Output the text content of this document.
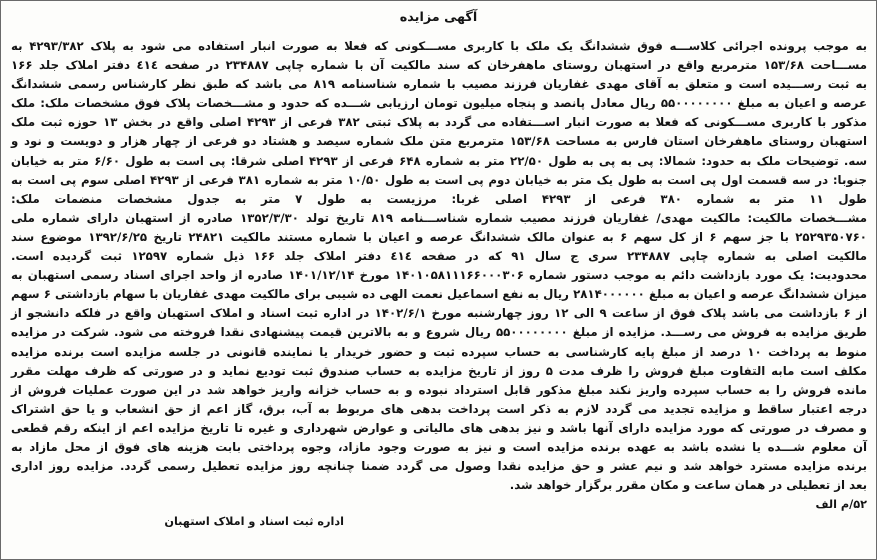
آگهی مزایده
به موجب پرونده اجرائی کلاســـه فوق ششدانگ یک ملک با کاربری مســـکونی که فعلا به صورت انبار استفاده می شود به پلاک ۴۲۹۳/۳۸۲ به
مســـاحت ۱۵۳/۶۸ مترمربع واقع در استهبان روستای ماهفرخان که سند مالکیت آن با شماره چاپی ۲۳۴۸۸۷ در صفحه ٤١٤ دفتر املاک جلد ۱۶۶
به ثبت رســـیده است و متعلق به آقای مهدی غفاریان فرزند مصیب با شماره شناسنامه ۸۱۹ می باشد که طبق نظر کارشناس رسمی ششدانگ
عرصه و اعیان به مبلغ ۵۵۰۰۰۰۰۰۰۰ ریال معادل پانصد و پنجاه میلیون تومان ارزیابی شـــده که حدود و مشـــخصات پلاک فوق مشخصات ملک: ملک
مذکور با کاربری مســـکونی که فعلا به صورت انبار اســـتفاده می گردد به پلاک ثبتی ۳۸۲ فرعی از ۴۲۹۳ اصلی واقع در بخش ۱۳ حوزه ثبت ملک
استهبان روستای ماهفرخان استان فارس به مساحت ۱۵۳/۶۸ مترمربع متن ملک شماره سیصد و هشتاد دو فرعی از چهار هزار و دویست و نود و
سه. توضیحات ملک به حدود: شمالا: پی به پی به طول ۲۲/۵۰ متر به شماره ۶۴۸ فرعی از ۴۲۹۳ اصلی شرقا: پی است به طول ۶/۶۰ متر به خیابان
جنوبا: در سه قسمت اول پی است به طول یک متر به خیابان دوم پی است به طول ۱۰/۵۰ متر به شماره ۳۸۱ فرعی از ۴۲۹۳ اصلی سوم پی است به
طول ۱۱ متر به شماره ۳۸۰ فرعی از ۴۲۹۳ اصلی غربا: مرزیست به طول ۷ متر به جدول مشخصات منضمات ملک:
مشـــخصات مالکیت: مالکیت مهدی/ غفاریان فرزند مصیب شماره شناســـنامه ۸۱۹ تاریخ تولد ۱۳۵۲/۳/۳۰ صادره از استهبان دارای شماره ملی
۲۵۲۹۳۵۰۷۶۰ با جز سهم ۶ از کل سهم ۶ به عنوان مالک ششدانگ عرصه و اعیان با شماره مستند مالکیت ۲۴۸۲۱ تاریخ ۱۳۹۲/۶/۲۵ موضوع سند
مالکیت اصلی به شماره چاپی ۲۳۴۸۸۷ سری ج سال ۹۱ که در صفحه ٤١٤ دفتر املاک جلد ۱۶۶ ذیل شماره ۱۲۵۹۷ ثبت گردیده است.
محدودیت: یک مورد بازداشت دائم به موجب دستور شماره ۱۴۰۱۰۵۸۱۱۱۶۶۰۰۰۳۰۶ مورخ ۱۴۰۱/۱۲/۱۴ صادره از واحد اجرای اسناد رسمی استهبان به
میزان ششدانگ عرصه و اعیان به مبلغ ۲۸۱۴۰۰۰۰۰۰ ریال به نفع اسماعیل نعمت الهی ده شیبی برای مالکیت مهدی غفاریان با سهام بازداشتی ۶ سهم
از ۶ بازداشت می باشد پلاک فوق از ساعت ۹ الی ۱۲ روز چهارشنبه مورخ ۱۴۰۲/۶/۱ در اداره ثبت اسناد و املاک استهبان واقع در فلکه دانشجو از
طریق مزایده به فروش می رســـد. مزایده از مبلغ ۵۵۰۰۰۰۰۰۰۰ ریال شروع و به بالاترین قیمت پیشنهادی نقدا فروخته می شود. شرکت در مزایده
منوط به پرداخت ۱۰ درصد از مبلغ پایه کارشناسی به حساب سپرده ثبت و حضور خریدار یا نماینده قانونی در جلسه مزایده است برنده مزایده
مکلف است مابه التفاوت مبلغ فروش را ظرف مدت ۵ روز از تاریخ مزایده به حساب صندوق ثبت تودیع نماید و در صورتی که ظرف مهلت مقرر
مانده فروش را به حساب سپرده واریز نکند مبلغ مذکور قابل استرداد نبوده و به حساب خزانه واریز خواهد شد در این صورت عملیات فروش از
درجه اعتبار ساقط و مزایده تجدید می گردد لازم به ذکر است پرداخت بدهی های مربوط به آب، برق، گاز اعم از حق انشعاب و یا حق اشتراک
و مصرف در صورتی که مورد مزایده دارای آنها باشد و نیز بدهی های مالیاتی و عوارض شهرداری و غیره تا تاریخ مزایده اعم از اینکه رقم قطعی
آن معلوم شـــده یا نشده باشد به عهده برنده مزایده است و نیز به صورت وجود مازاد، وجوه پرداختی بابت هزینه های فوق از محل مازاد به
برنده مزایده مسترد خواهد شد و نیم عشر و حق مزایده نقدا وصول می گردد ضمنا چنانچه روز مزایده تعطیل رسمی گردد. مزایده روز اداری
بعد از تعطیلی در همان ساعت و مکان مقرر برگزار خواهد شد.
۵۲/م الف
اداره ثبت اسناد و املاک استهبان
